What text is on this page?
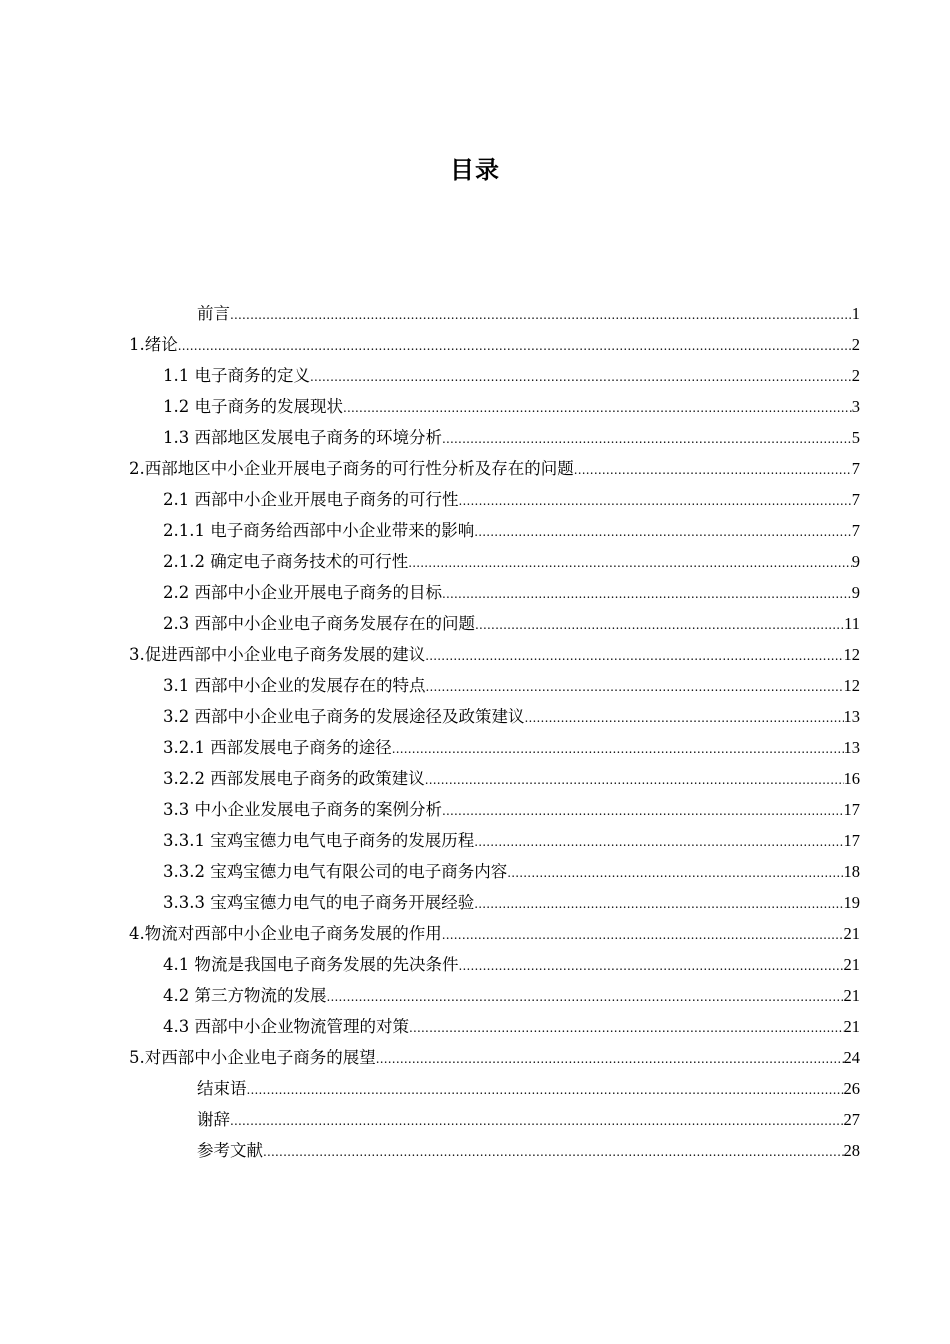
目录
前言 .....	1
1.绪论 .....	2
1.1 电子商务的定义 .....	2
1.2 电子商务的发展现状 .....	3
1.3 西部地区发展电子商务的环境分析 .....	5
2.西部地区中小企业开展电子商务的可行性分析及存在的问题 .....	7
2.1 西部中小企业开展电子商务的可行性 .....	7
2.1.1 电子商务给西部中小企业带来的影响 .....	7
2.1.2 确定电子商务技术的可行性 .....	9
2.2 西部中小企业开展电子商务的目标 .....	9
2.3 西部中小企业电子商务发展存在的问题 .....	11
3.促进西部中小企业电子商务发展的建议 .....	12
3.1 西部中小企业的发展存在的特点 .....	12
3.2 西部中小企业电子商务的发展途径及政策建议 .....	13
3.2.1 西部发展电子商务的途径 .....	13
3.2.2 西部发展电子商务的政策建议 .....	16
3.3 中小企业发展电子商务的案例分析 .....	17
3.3.1 宝鸡宝德力电气电子商务的发展历程 .....	17
3.3.2 宝鸡宝德力电气有限公司的电子商务内容 .....	18
3.3.3 宝鸡宝德力电气的电子商务开展经验 .....	19
4.物流对西部中小企业电子商务发展的作用 .....	21
4.1 物流是我国电子商务发展的先决条件 .....	21
4.2 第三方物流的发展 .....	21
4.3 西部中小企业物流管理的对策 .....	21
5.对西部中小企业电子商务的展望 .....	24
结束语 .....	26
谢辞 .....	27
参考文献 .....	28
